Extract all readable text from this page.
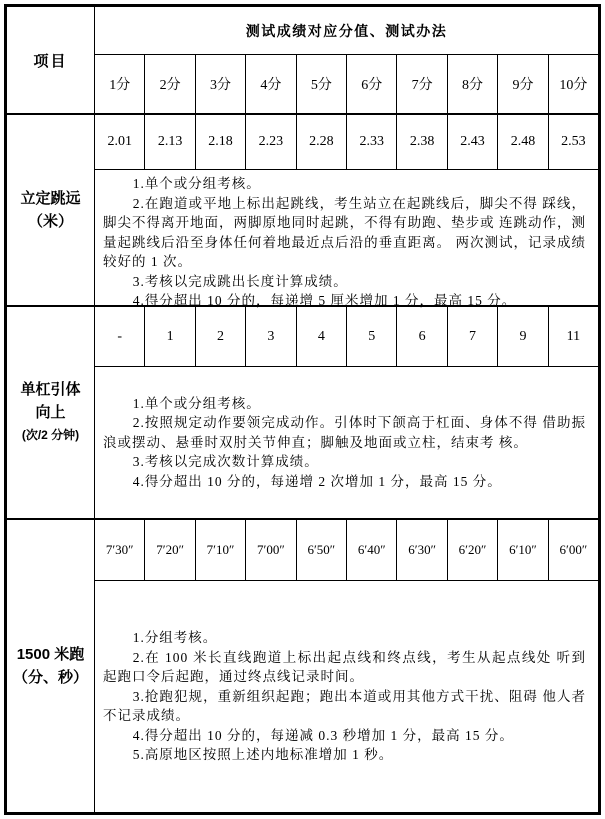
项目
测试成绩对应分值、测试办法
1分	2分	3分	4分	5分	6分	7分	8分	9分	10分
立定跳远
（米）
2.01	2.13	2.18	2.23	2.28	2.33	2.38	2.43	2.48	2.53

1.单个或分组考核。

2.在跑道或平地上标出起跳线，考生站立在起跳线后，脚尖不得 踩线，脚尖不得离开地面，两脚原地同时起跳，不得有助跑、垫步或 连跳动作，测量起跳线后沿至身体任何着地最近点后沿的垂直距离。 两次测试，记录成绩较好的 1 次。

3.考核以完成跳出长度计算成绩。

4.得分超出 10 分的，每递增 5 厘米增加 1 分，最高 15 分。

单杠引体
向上
(次/2 分钟)
-	1	2	3	4	5	6	7	9	11

1.单个或分组考核。

2.按照规定动作要领完成动作。引体时下颌高于杠面、身体不得 借助振浪或摆动、悬垂时双肘关节伸直；脚触及地面或立柱，结束考 核。

3.考核以完成次数计算成绩。

4.得分超出 10 分的，每递增 2 次增加 1 分，最高 15 分。

1500 米跑
（分、秒）
7′30″	7′20″	7′10″	7′00″	6′50″	6′40″	6′30″	6′20″	6′10″	6′00″

1.分组考核。

2.在 100 米长直线跑道上标出起点线和终点线，考生从起点线处 听到起跑口令后起跑，通过终点线记录时间。

3.抢跑犯规，重新组织起跑；跑出本道或用其他方式干扰、阻碍 他人者不记录成绩。

4.得分超出 10 分的，每递减 0.3 秒增加 1 分，最高 15 分。

5.高原地区按照上述内地标准增加 1 秒。
